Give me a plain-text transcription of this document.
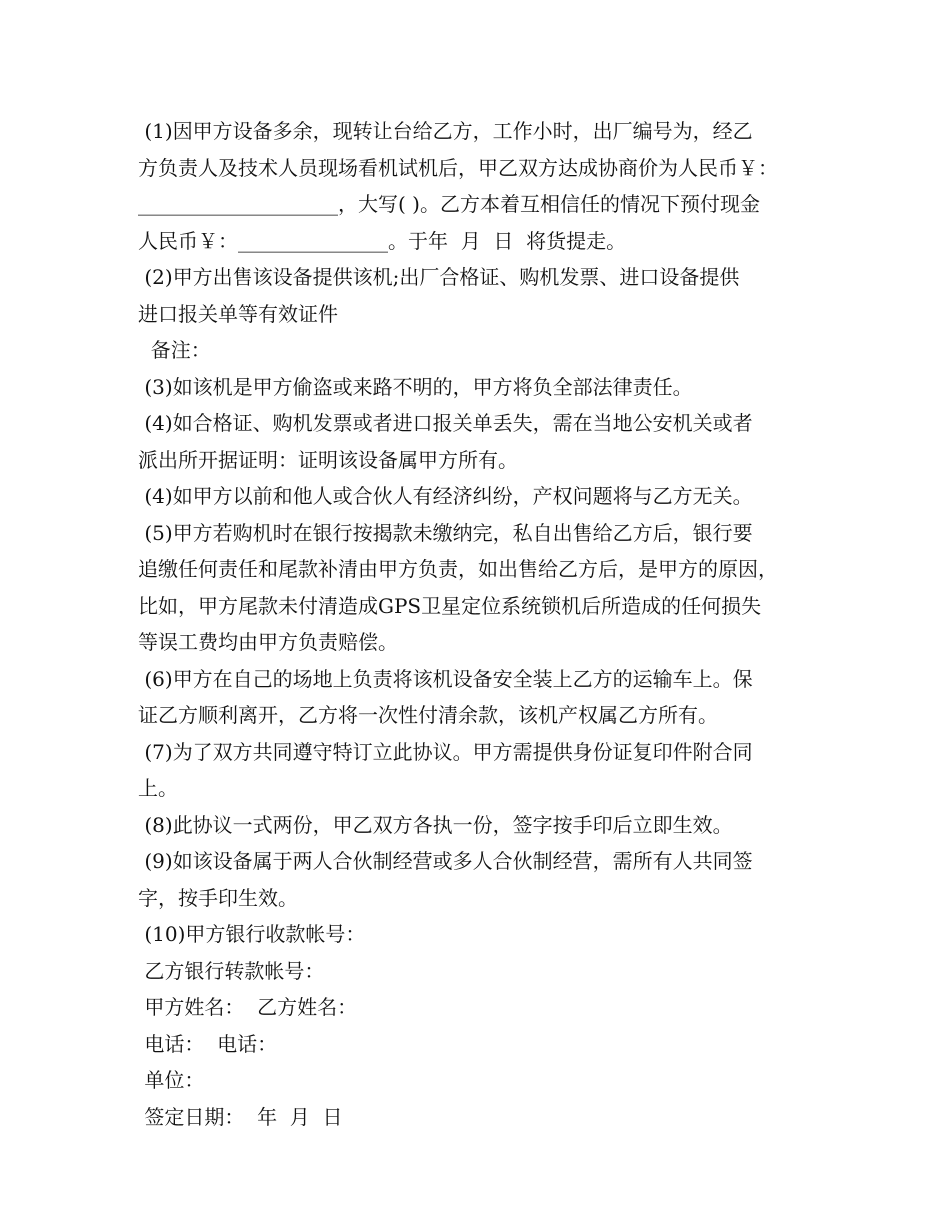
(1)因甲方设备多余，现转让台给乙方，工作小时，出厂编号为，经乙
方负责人及技术人员现场看机试机后，甲乙双方达成协商价为人民币￥：
____________________，大写( )。乙方本着互相信任的情况下预付现金
人民币￥：_______________。于年  月  日  将货提走。
(2)甲方出售该设备提供该机;出厂合格证、购机发票、进口设备提供
进口报关单等有效证件
备注：
(3)如该机是甲方偷盗或来路不明的，甲方将负全部法律责任。
(4)如合格证、购机发票或者进口报关单丢失，需在当地公安机关或者
派出所开据证明：证明该设备属甲方所有。
(4)如甲方以前和他人或合伙人有经济纠纷，产权问题将与乙方无关。
(5)甲方若购机时在银行按揭款未缴纳完，私自出售给乙方后，银行要
追缴任何责任和尾款补清由甲方负责，如出售给乙方后，是甲方的原因，
比如，甲方尾款未付清造成GPS卫星定位系统锁机后所造成的任何损失
等误工费均由甲方负责赔偿。
(6)甲方在自己的场地上负责将该机设备安全装上乙方的运输车上。保
证乙方顺利离开，乙方将一次性付清余款，该机产权属乙方所有。
(7)为了双方共同遵守特订立此协议。甲方需提供身份证复印件附合同
上。
(8)此协议一式两份，甲乙双方各执一份，签字按手印后立即生效。
(9)如该设备属于两人合伙制经营或多人合伙制经营，需所有人共同签
字，按手印生效。
(10)甲方银行收款帐号：
乙方银行转款帐号：
甲方姓名：  乙方姓名：
电话：  电话：
单位：
签定日期：  年  月  日
